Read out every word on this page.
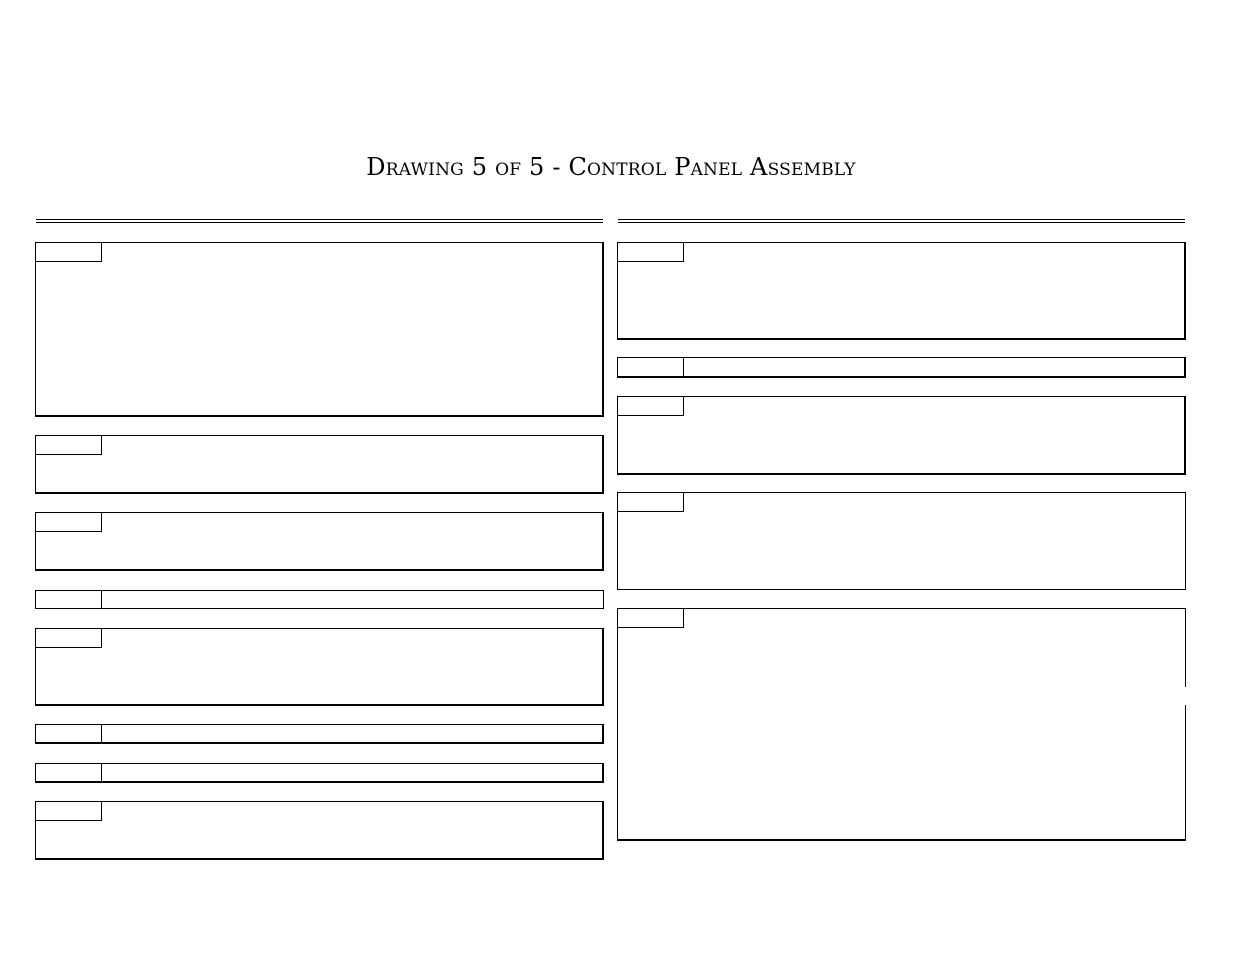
Drawing 5 of 5 - Control Panel Assembly
